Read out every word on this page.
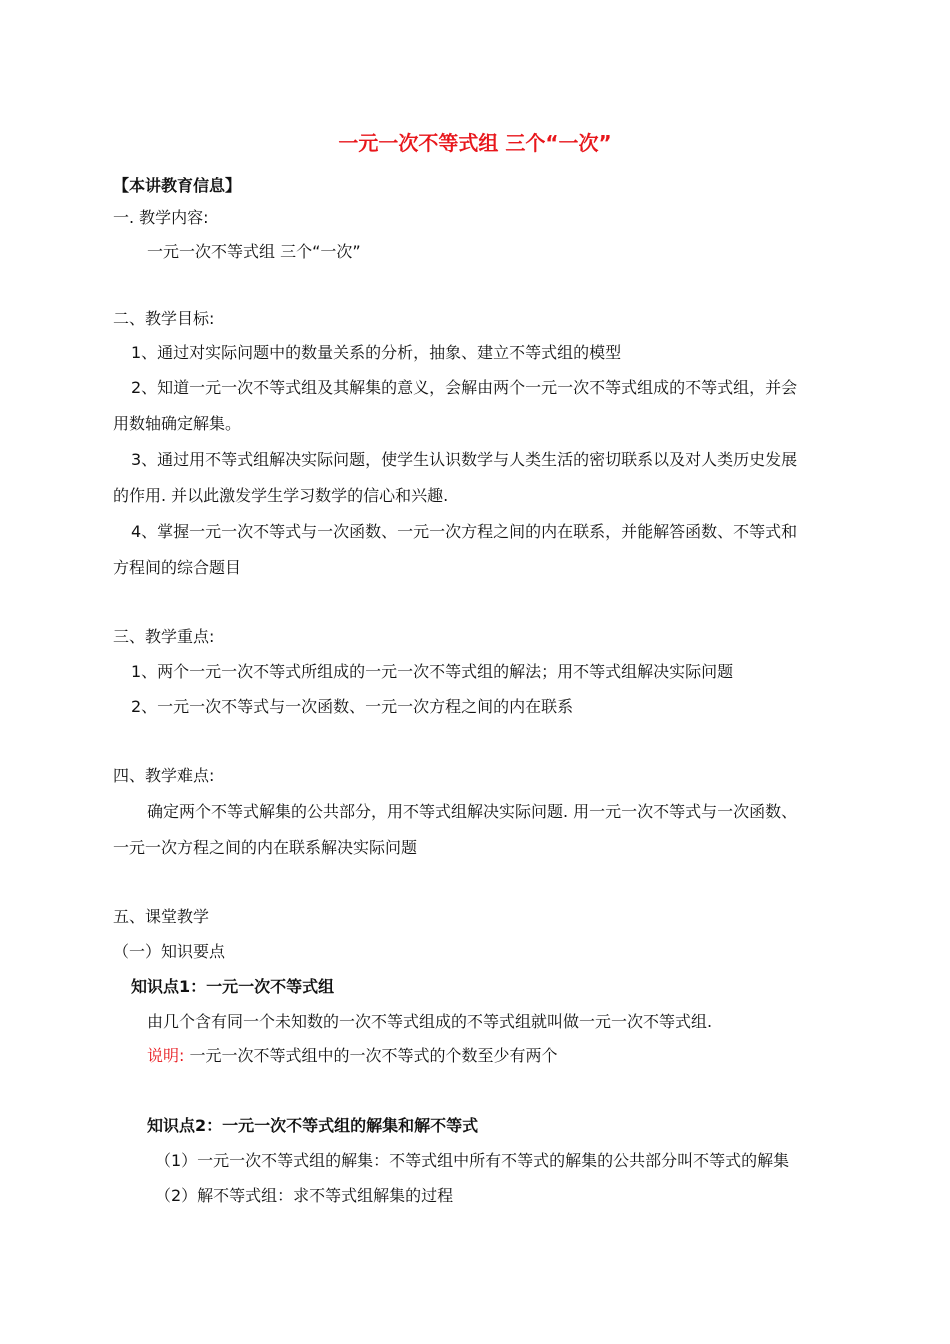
一元一次不等式组 三个“一次”
【本讲教育信息】
一. 教学内容:
一元一次不等式组 三个“一次”
二、教学目标:
1、通过对实际问题中的数量关系的分析，抽象、建立不等式组的模型
2、知道一元一次不等式组及其解集的意义，会解由两个一元一次不等式组成的不等式组，并会
用数轴确定解集。
3、通过用不等式组解决实际问题，使学生认识数学与人类生活的密切联系以及对人类历史发展
的作用. 并以此激发学生学习数学的信心和兴趣.
4、掌握一元一次不等式与一次函数、一元一次方程之间的内在联系，并能解答函数、不等式和
方程间的综合题目
三、教学重点:
1、两个一元一次不等式所组成的一元一次不等式组的解法；用不等式组解决实际问题
2、一元一次不等式与一次函数、一元一次方程之间的内在联系
四、教学难点:
确定两个不等式解集的公共部分，用不等式组解决实际问题. 用一元一次不等式与一次函数、
一元一次方程之间的内在联系解决实际问题
五、课堂教学
（一）知识要点
知识点1：一元一次不等式组
由几个含有同一个未知数的一次不等式组成的不等式组就叫做一元一次不等式组.
说明: 一元一次不等式组中的一次不等式的个数至少有两个
知识点2：一元一次不等式组的解集和解不等式
（1）一元一次不等式组的解集：不等式组中所有不等式的解集的公共部分叫不等式的解集
（2）解不等式组：求不等式组解集的过程
